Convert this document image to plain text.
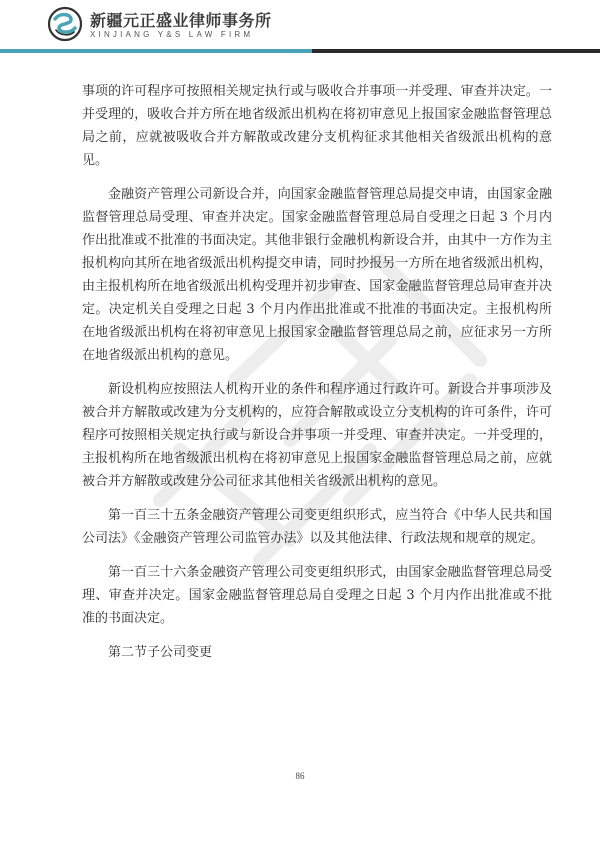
新疆元正盛业律师事务所
XINJIANG Y&S LAW FIRM

事项的许可程序可按照相关规定执行或与吸收合并事项一并受理、审查并决定。一并受理的，吸收合并方所在地省级派出机构在将初审意见上报国家金融监督管理总局之前，应就被吸收合并方解散或改建分支机构征求其他相关省级派出机构的意见。

金融资产管理公司新设合并，向国家金融监督管理总局提交申请，由国家金融监督管理总局受理、审查并决定。国家金融监督管理总局自受理之日起 3 个月内作出批准或不批准的书面决定。其他非银行金融机构新设合并，由其中一方作为主报机构向其所在地省级派出机构提交申请，同时抄报另一方所在地省级派出机构，由主报机构所在地省级派出机构受理并初步审查、国家金融监督管理总局审查并决定。决定机关自受理之日起 3 个月内作出批准或不批准的书面决定。主报机构所在地省级派出机构在将初审意见上报国家金融监督管理总局之前，应征求另一方所在地省级派出机构的意见。

新设机构应按照法人机构开业的条件和程序通过行政许可。新设合并事项涉及被合并方解散或改建为分支机构的，应符合解散或设立分支机构的许可条件，许可程序可按照相关规定执行或与新设合并事项一并受理、审查并决定。一并受理的，主报机构所在地省级派出机构在将初审意见上报国家金融监督管理总局之前，应就被合并方解散或改建分公司征求其他相关省级派出机构的意见。

第一百三十五条金融资产管理公司变更组织形式，应当符合《中华人民共和国公司法》《金融资产管理公司监管办法》以及其他法律、行政法规和规章的规定。

第一百三十六条金融资产管理公司变更组织形式，由国家金融监督管理总局受理、审查并决定。国家金融监督管理总局自受理之日起 3 个月内作出批准或不批准的书面决定。

第二节子公司变更

86
